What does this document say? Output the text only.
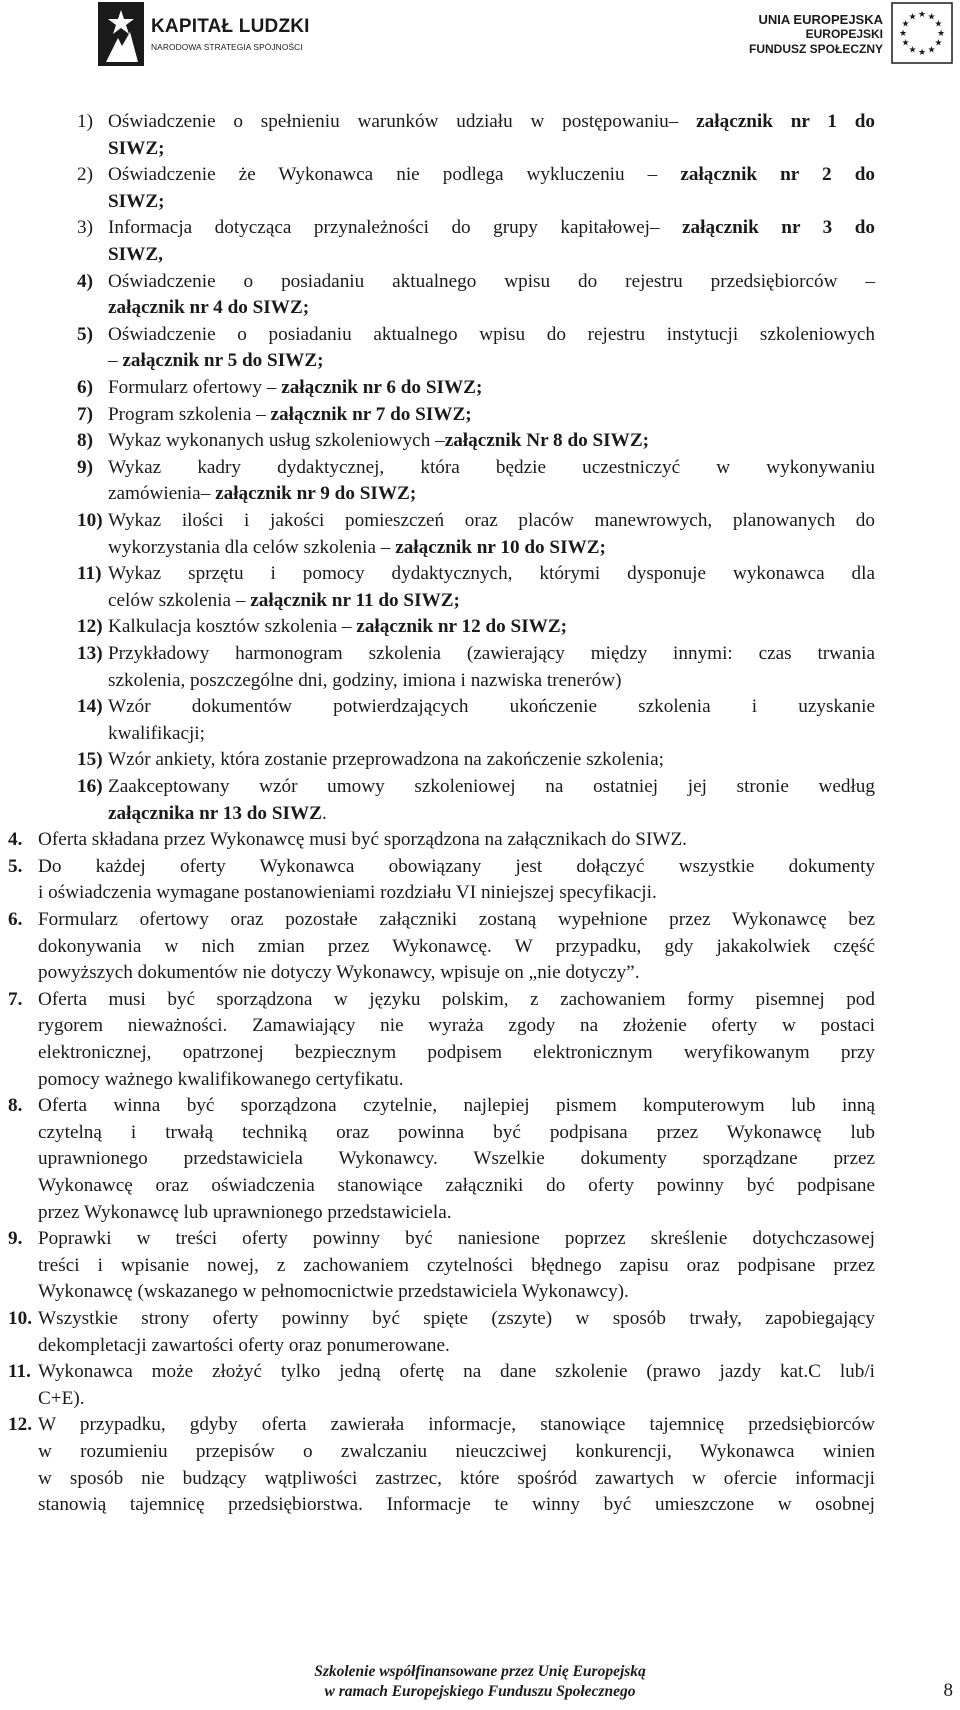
KAPITAŁ LUDZKI
NARODOWA STRATEGIA SPÓJNOŚCI
UNIA EUROPEJSKA
EUROPEJSKI
FUNDUSZ SPOŁECZNY
★
★
★
★
★
★
★
★
★ ★ ★
★
1) Oświadczenie o spełnieniu warunków udziału w postępowaniu– załącznik nr 1 do
SIWZ;
2) Oświadczenie że Wykonawca nie podlega wykluczeniu – załącznik nr 2 do
SIWZ;
3) Informacja dotycząca przynależności do grupy kapitałowej– załącznik nr 3 do
SIWZ,
4) Oświadczenie o posiadaniu aktualnego wpisu do rejestru przedsiębiorców –
załącznik nr 4 do SIWZ;
5) Oświadczenie o posiadaniu aktualnego wpisu do rejestru instytucji szkoleniowych
– załącznik nr 5 do SIWZ;
6) Formularz ofertowy – załącznik nr 6 do SIWZ;
7) Program szkolenia – załącznik nr 7 do SIWZ;
8) Wykaz wykonanych usług szkoleniowych –załącznik Nr 8 do SIWZ;
9) Wykaz kadry dydaktycznej, która będzie uczestniczyć w wykonywaniu
zamówienia– załącznik nr 9 do SIWZ;
10) Wykaz ilości i jakości pomieszczeń oraz placów manewrowych, planowanych do
wykorzystania dla celów szkolenia – załącznik nr 10 do SIWZ;
11) Wykaz sprzętu i pomocy dydaktycznych, którymi dysponuje wykonawca dla
celów szkolenia – załącznik nr 11 do SIWZ;
12) Kalkulacja kosztów szkolenia – załącznik nr 12 do SIWZ;
13) Przykładowy harmonogram szkolenia (zawierający między innymi: czas trwania
szkolenia, poszczególne dni, godziny, imiona i nazwiska trenerów)
14) Wzór dokumentów potwierdzających ukończenie szkolenia i uzyskanie
kwalifikacji;
15) Wzór ankiety, która zostanie przeprowadzona na zakończenie szkolenia;
16) Zaakceptowany wzór umowy szkoleniowej na ostatniej jej stronie według
załącznika nr 13 do SIWZ.
4. Oferta składana przez Wykonawcę musi być sporządzona na załącznikach do SIWZ.
5. Do każdej oferty Wykonawca obowiązany jest dołączyć wszystkie dokumenty
i oświadczenia wymagane postanowieniami rozdziału VI niniejszej specyfikacji.
6. Formularz ofertowy oraz pozostałe załączniki zostaną wypełnione przez Wykonawcę bez
dokonywania w nich zmian przez Wykonawcę. W przypadku, gdy jakakolwiek część
powyższych dokumentów nie dotyczy Wykonawcy, wpisuje on „nie dotyczy”.
7. Oferta musi być sporządzona w języku polskim, z zachowaniem formy pisemnej pod
rygorem nieważności. Zamawiający nie wyraża zgody na złożenie oferty w postaci
elektronicznej, opatrzonej bezpiecznym podpisem elektronicznym weryfikowanym przy
pomocy ważnego kwalifikowanego certyfikatu.
8. Oferta winna być sporządzona czytelnie, najlepiej pismem komputerowym lub inną
czytelną i trwałą techniką oraz powinna być podpisana przez Wykonawcę lub
uprawnionego przedstawiciela Wykonawcy. Wszelkie dokumenty sporządzane przez
Wykonawcę oraz oświadczenia stanowiące załączniki do oferty powinny być podpisane
przez Wykonawcę lub uprawnionego przedstawiciela.
9. Poprawki w treści oferty powinny być naniesione poprzez skreślenie dotychczasowej
treści i wpisanie nowej, z zachowaniem czytelności błędnego zapisu oraz podpisane przez
Wykonawcę (wskazanego w pełnomocnictwie przedstawiciela Wykonawcy).
10. Wszystkie strony oferty powinny być spięte (zszyte) w sposób trwały, zapobiegający
dekompletacji zawartości oferty oraz ponumerowane.
11. Wykonawca może złożyć tylko jedną ofertę na dane szkolenie (prawo jazdy kat.C lub/i
C+E).
12. W przypadku, gdyby oferta zawierała informacje, stanowiące tajemnicę przedsiębiorców
w rozumieniu przepisów o zwalczaniu nieuczciwej konkurencji, Wykonawca winien
w sposób nie budzący wątpliwości zastrzec, które spośród zawartych w ofercie informacji
stanowią tajemnicę przedsiębiorstwa. Informacje te winny być umieszczone w osobnej
Szkolenie współfinansowane przez Unię Europejską
w ramach Europejskiego Funduszu Społecznego	8
